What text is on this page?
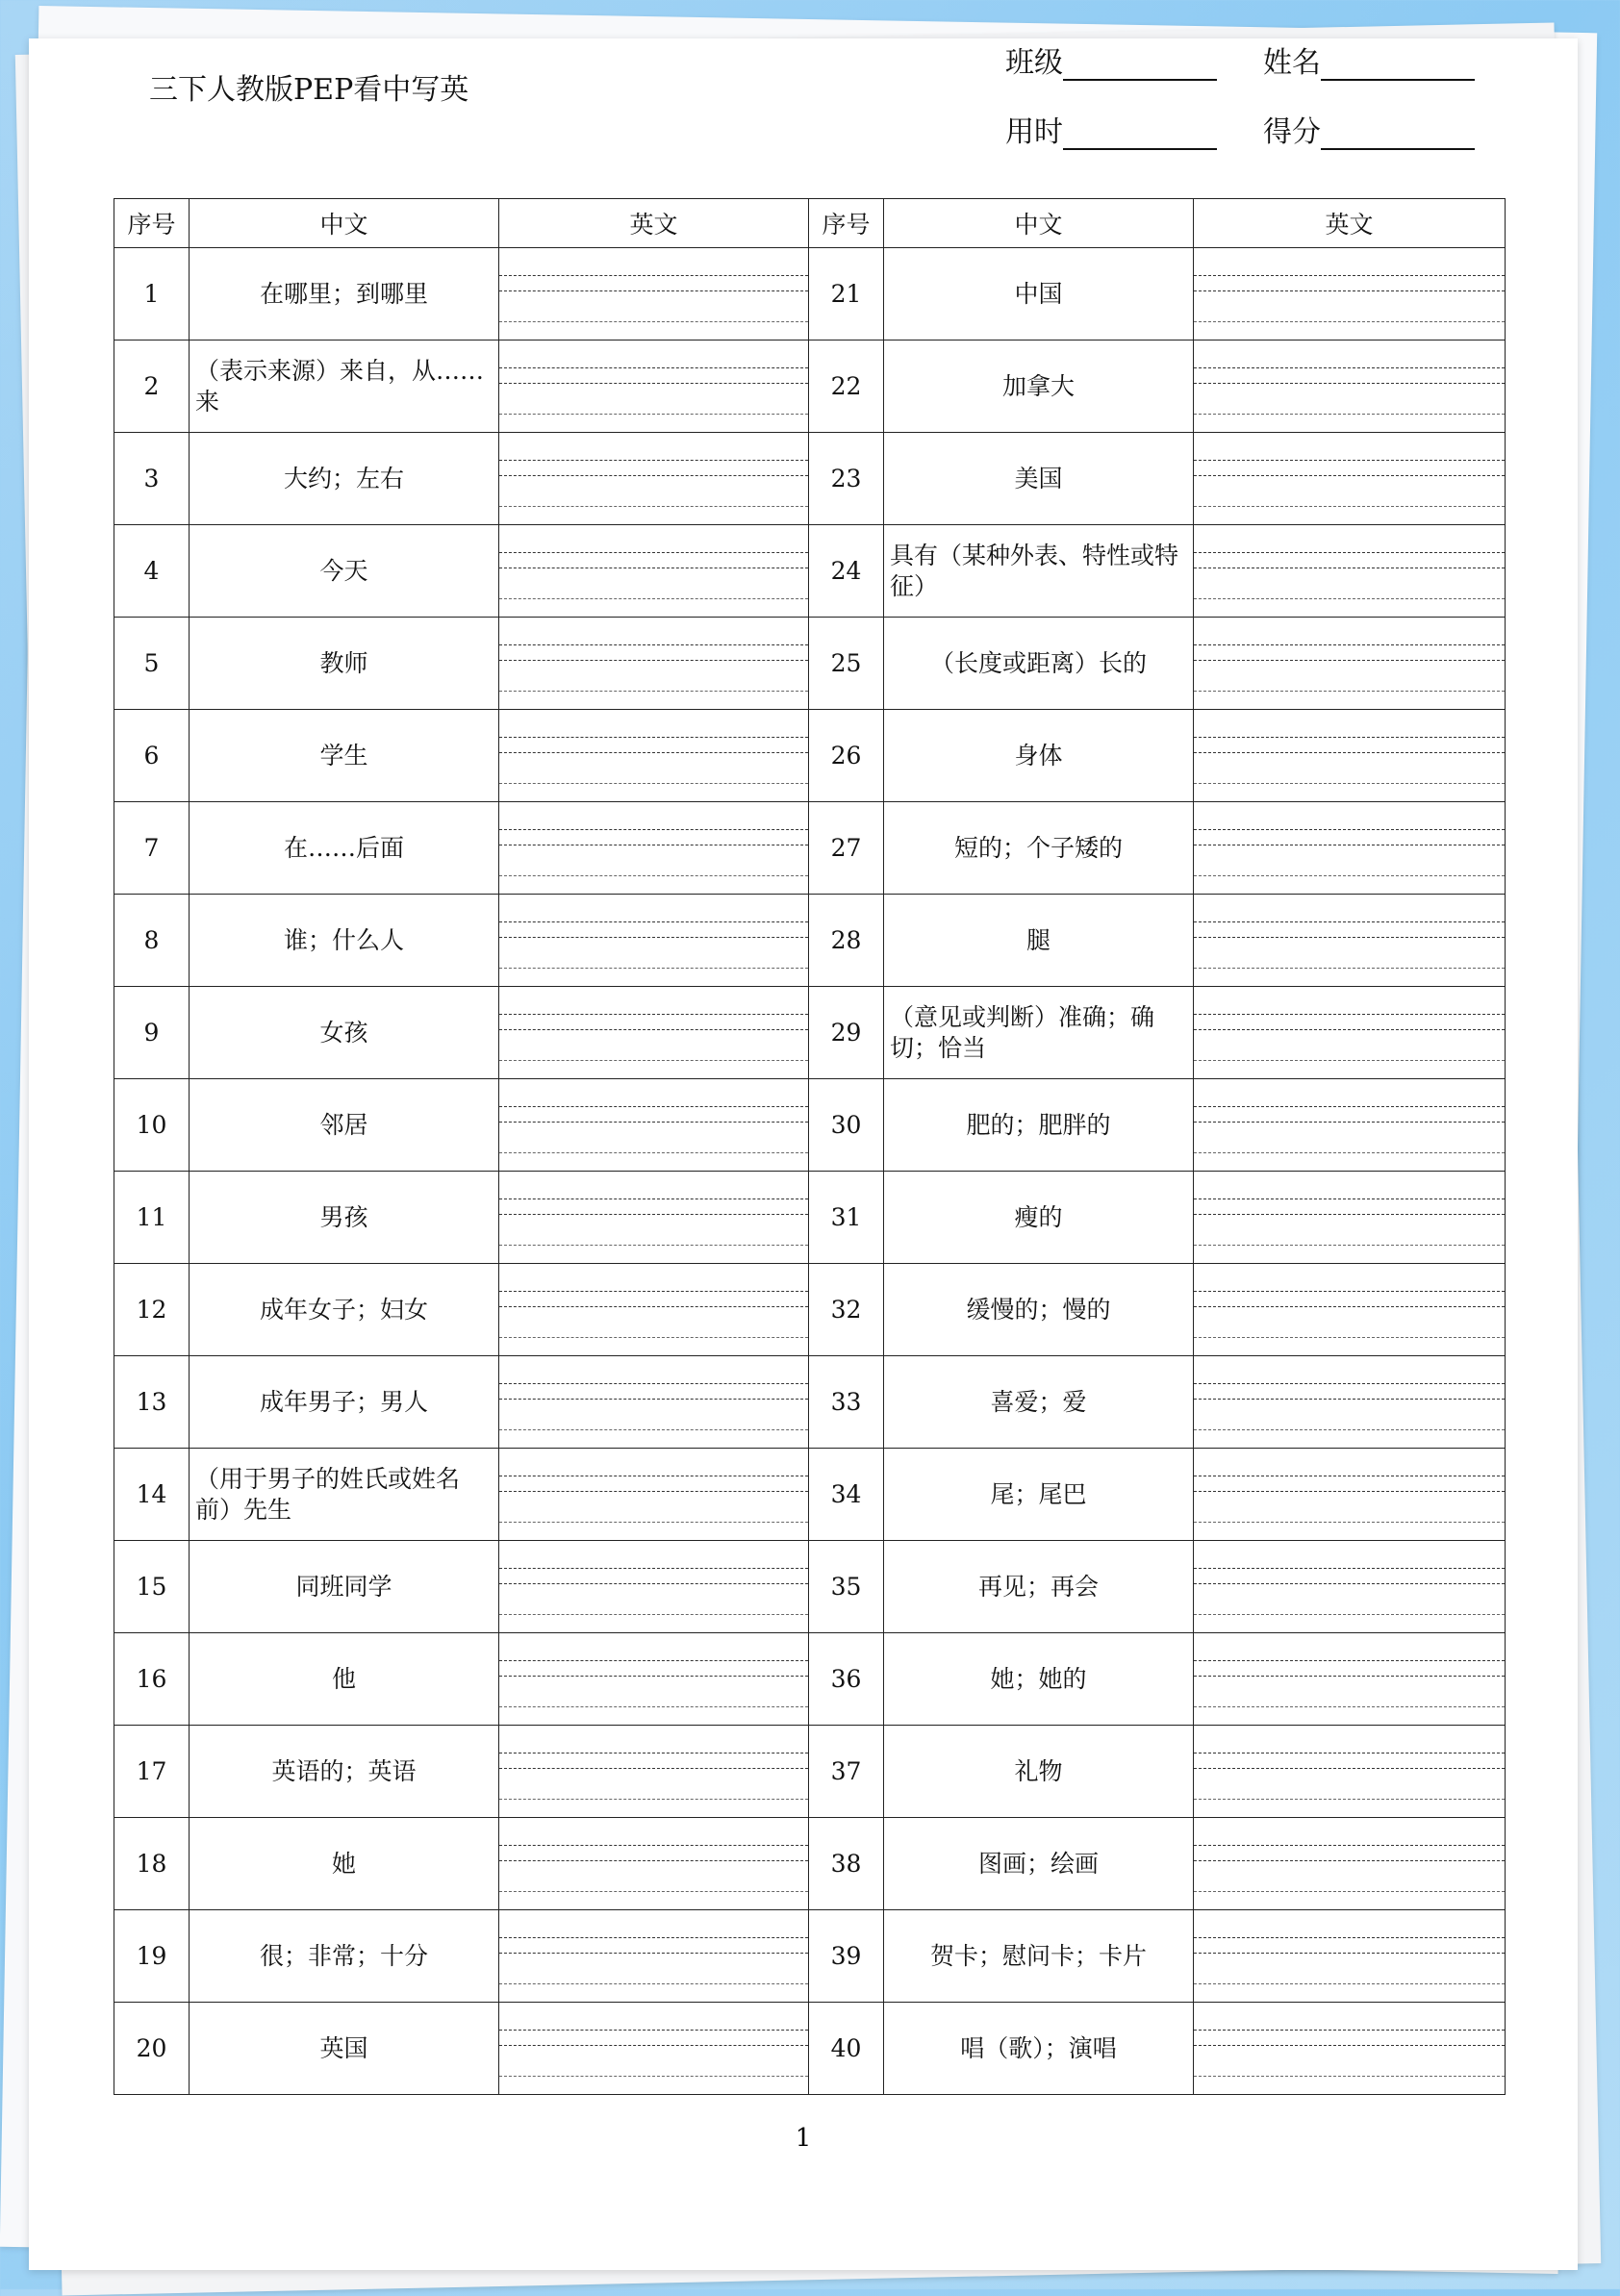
三下人教版PEP看中写英
班级	姓名
用时	得分
序号	中文	英文	序号	中文	英文
1	在哪里；到哪里		21	中国	

2	（表示来源）来自，从……来		22	加拿大	

3	大约；左右		23	美国	

4	今天		24	具有（某种外表、特性或特征）	

5	教师		25	（长度或距离）长的	

6	学生		26	身体	

7	在……后面		27	短的；个子矮的	

8	谁；什么人		28	腿	

9	女孩		29	（意见或判断）准确；确切；恰当	

10	邻居		30	肥的；肥胖的	

11	男孩		31	瘦的	

12	成年女子；妇女		32	缓慢的；慢的	

13	成年男子；男人		33	喜爱；爱	

14	（用于男子的姓氏或姓名前）先生		34	尾；尾巴	

15	同班同学		35	再见；再会	

16	他		36	她；她的	

17	英语的；英语		37	礼物	

18	她		38	图画；绘画	

19	很；非常；十分		39	贺卡；慰问卡；卡片	

20	英国		40	唱（歌）；演唱	
1
